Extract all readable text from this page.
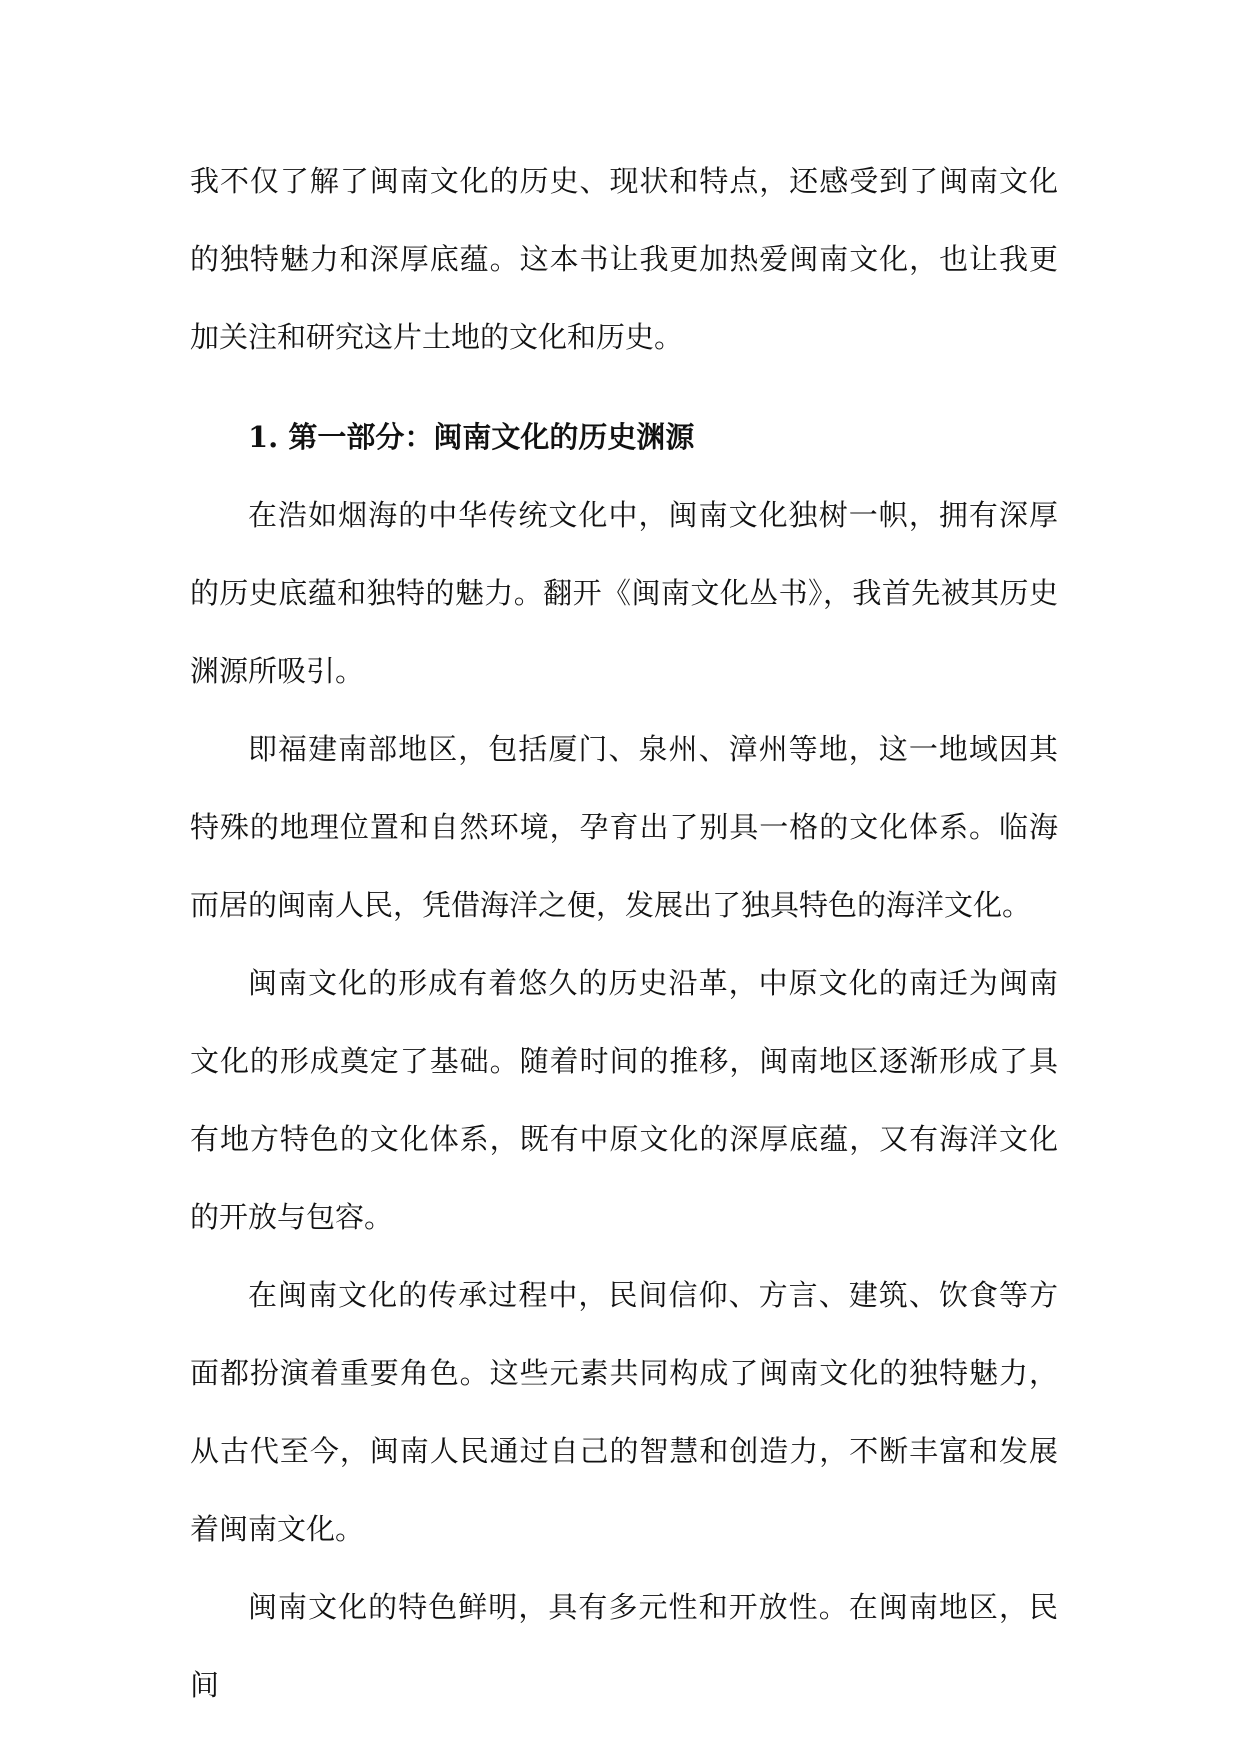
我不仅了解了闽南文化的历史、现状和特点，还感受到了闽南文化的独特魅力和深厚底蕴。这本书让我更加热爱闽南文化，也让我更加关注和研究这片土地的文化和历史。

1. 第一部分：闽南文化的历史渊源

在浩如烟海的中华传统文化中，闽南文化独树一帜，拥有深厚的历史底蕴和独特的魅力。翻开《闽南文化丛书》，我首先被其历史渊源所吸引。

即福建南部地区，包括厦门、泉州、漳州等地，这一地域因其特殊的地理位置和自然环境，孕育出了别具一格的文化体系。临海而居的闽南人民，凭借海洋之便，发展出了独具特色的海洋文化。

闽南文化的形成有着悠久的历史沿革，中原文化的南迁为闽南文化的形成奠定了基础。随着时间的推移，闽南地区逐渐形成了具有地方特色的文化体系，既有中原文化的深厚底蕴，又有海洋文化的开放与包容。

在闽南文化的传承过程中，民间信仰、方言、建筑、饮食等方面都扮演着重要角色。这些元素共同构成了闽南文化的独特魅力，从古代至今，闽南人民通过自己的智慧和创造力，不断丰富和发展着闽南文化。

闽南文化的特色鲜明，具有多元性和开放性。在闽南地区，民间
